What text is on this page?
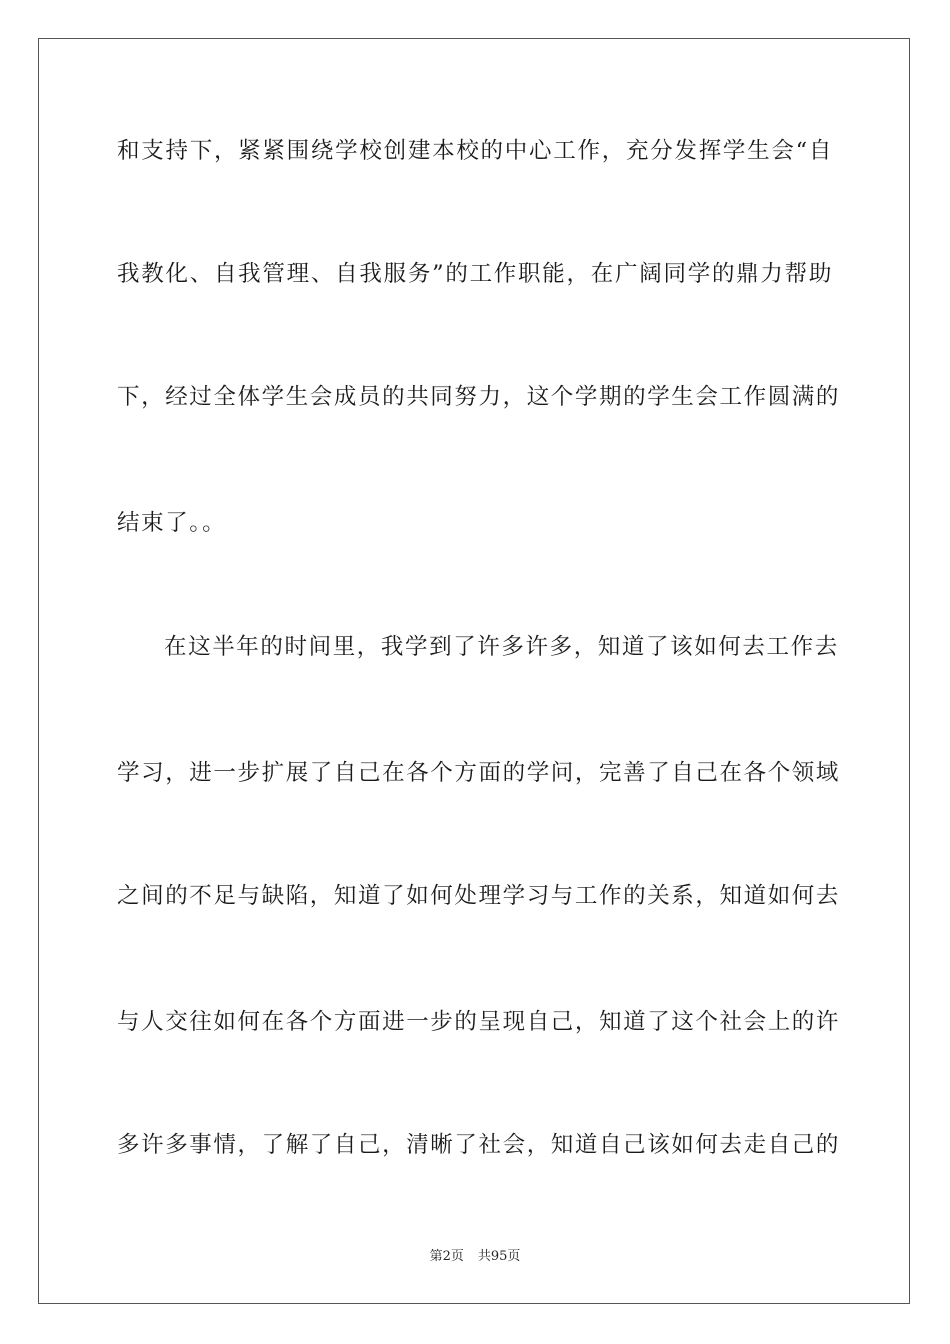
和支持下，紧紧围绕学校创建本校的中心工作，充分发挥学生会“自
我教化、自我管理、自我服务”的工作职能，在广阔同学的鼎力帮助
下，经过全体学生会成员的共同努力，这个学期的学生会工作圆满的
结束了。。
在这半年的时间里，我学到了许多许多，知道了该如何去工作去
学习，进一步扩展了自己在各个方面的学问，完善了自己在各个领域
之间的不足与缺陷，知道了如何处理学习与工作的关系，知道如何去
与人交往如何在各个方面进一步的呈现自己，知道了这个社会上的许
多许多事情，了解了自己，清晰了社会，知道自己该如何去走自己的
第2页 共95页
